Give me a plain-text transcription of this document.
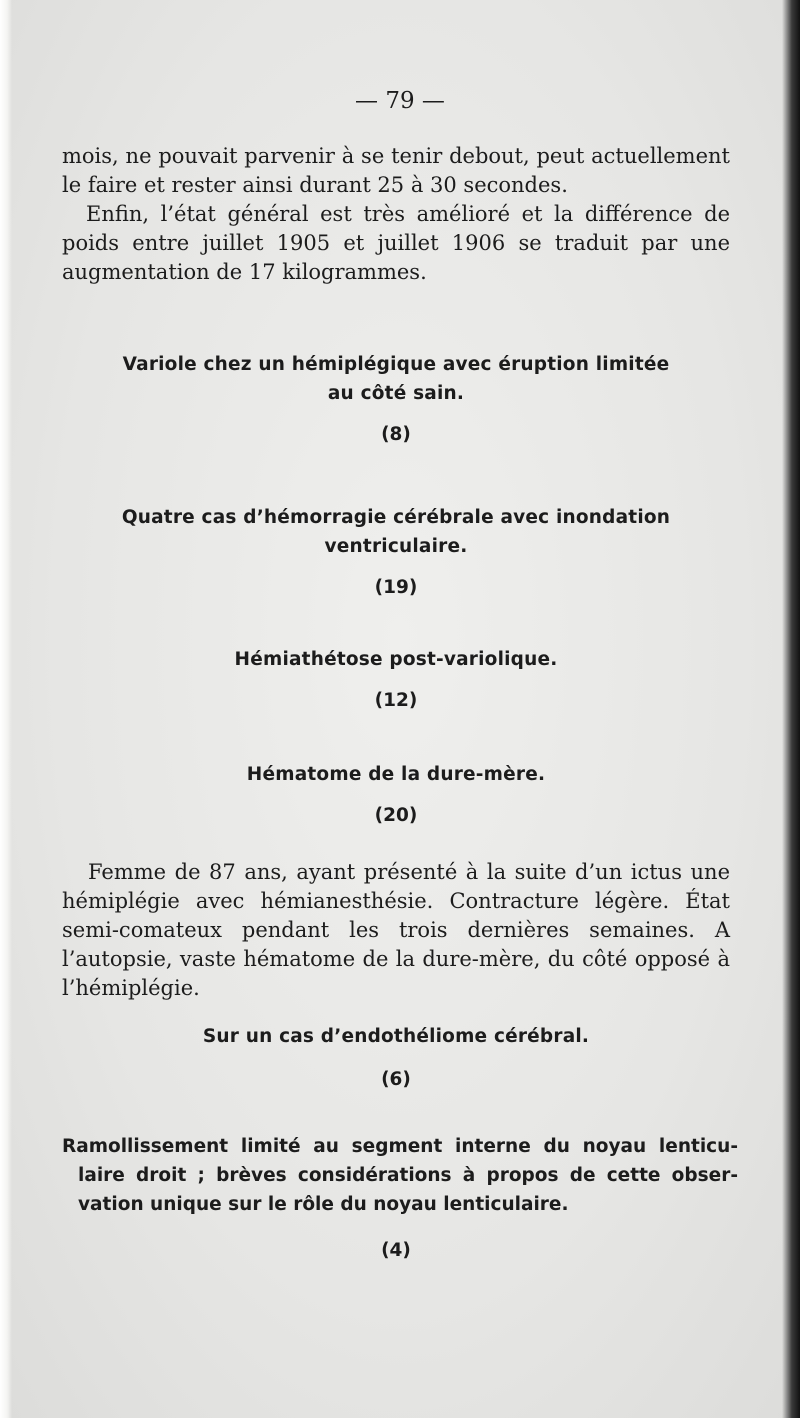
— 79 —

mois, ne pouvait parvenir à se tenir debout, peut actuellement le faire et rester ainsi durant 25 à 30 secondes.

Enfin, l’état général est très amélioré et la différence de poids entre juillet 1905 et juillet 1906 se traduit par une augmentation de 17 kilogrammes.

Variole chez un hémiplégique avec éruption limitée
au côté sain.
(8)
Quatre cas d’hémorragie cérébrale avec inondation
ventriculaire.
(19)
Hémiathétose post-variolique.
(12)
Hématome de la dure-mère.
(20)

Femme de 87 ans, ayant présenté à la suite d’un ictus une hémiplégie avec hémianesthésie. Contracture légère. État semi-comateux pendant les trois dernières semaines. A l’autopsie, vaste hématome de la dure-mère, du côté opposé à l’hémiplégie.

Sur un cas d’endothéliome cérébral.
(6)
Ramollissement limité au segment interne du noyau lenticu-
laire droit ; brèves considérations à propos de cette obser-
vation unique sur le rôle du noyau lenticulaire.
(4)
